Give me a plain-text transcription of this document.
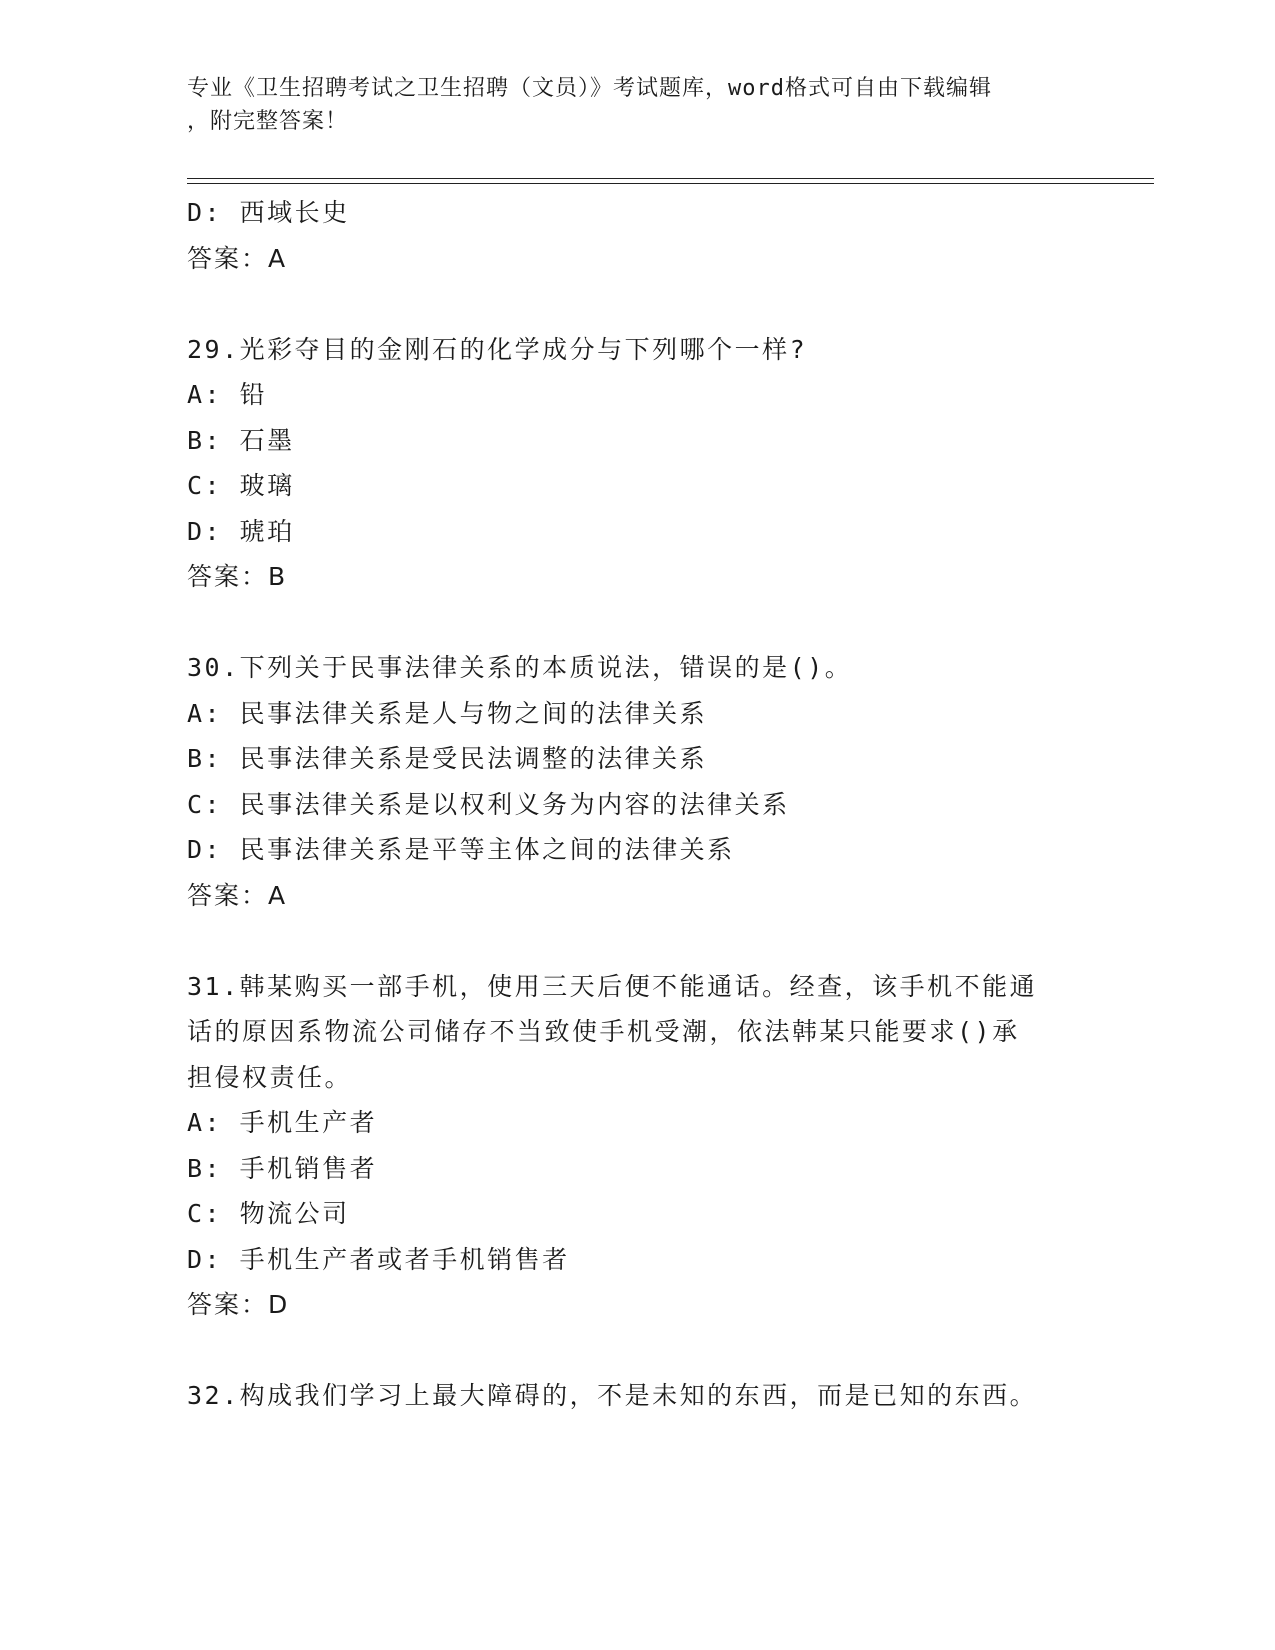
专业《卫生招聘考试之卫生招聘（文员）》考试题库，word格式可自由下载编辑
，附完整答案！
D: 西域长史
答案：A
29.光彩夺目的金刚石的化学成分与下列哪个一样?
A: 铅
B: 石墨
C: 玻璃
D: 琥珀
答案：B
30.下列关于民事法律关系的本质说法，错误的是()。
A: 民事法律关系是人与物之间的法律关系
B: 民事法律关系是受民法调整的法律关系
C: 民事法律关系是以权利义务为内容的法律关系
D: 民事法律关系是平等主体之间的法律关系
答案：A
31.韩某购买一部手机，使用三天后便不能通话。经查，该手机不能通
话的原因系物流公司储存不当致使手机受潮，依法韩某只能要求()承
担侵权责任。
A: 手机生产者
B: 手机销售者
C: 物流公司
D: 手机生产者或者手机销售者
答案：D
32.构成我们学习上最大障碍的，不是未知的东西，而是已知的东西。
